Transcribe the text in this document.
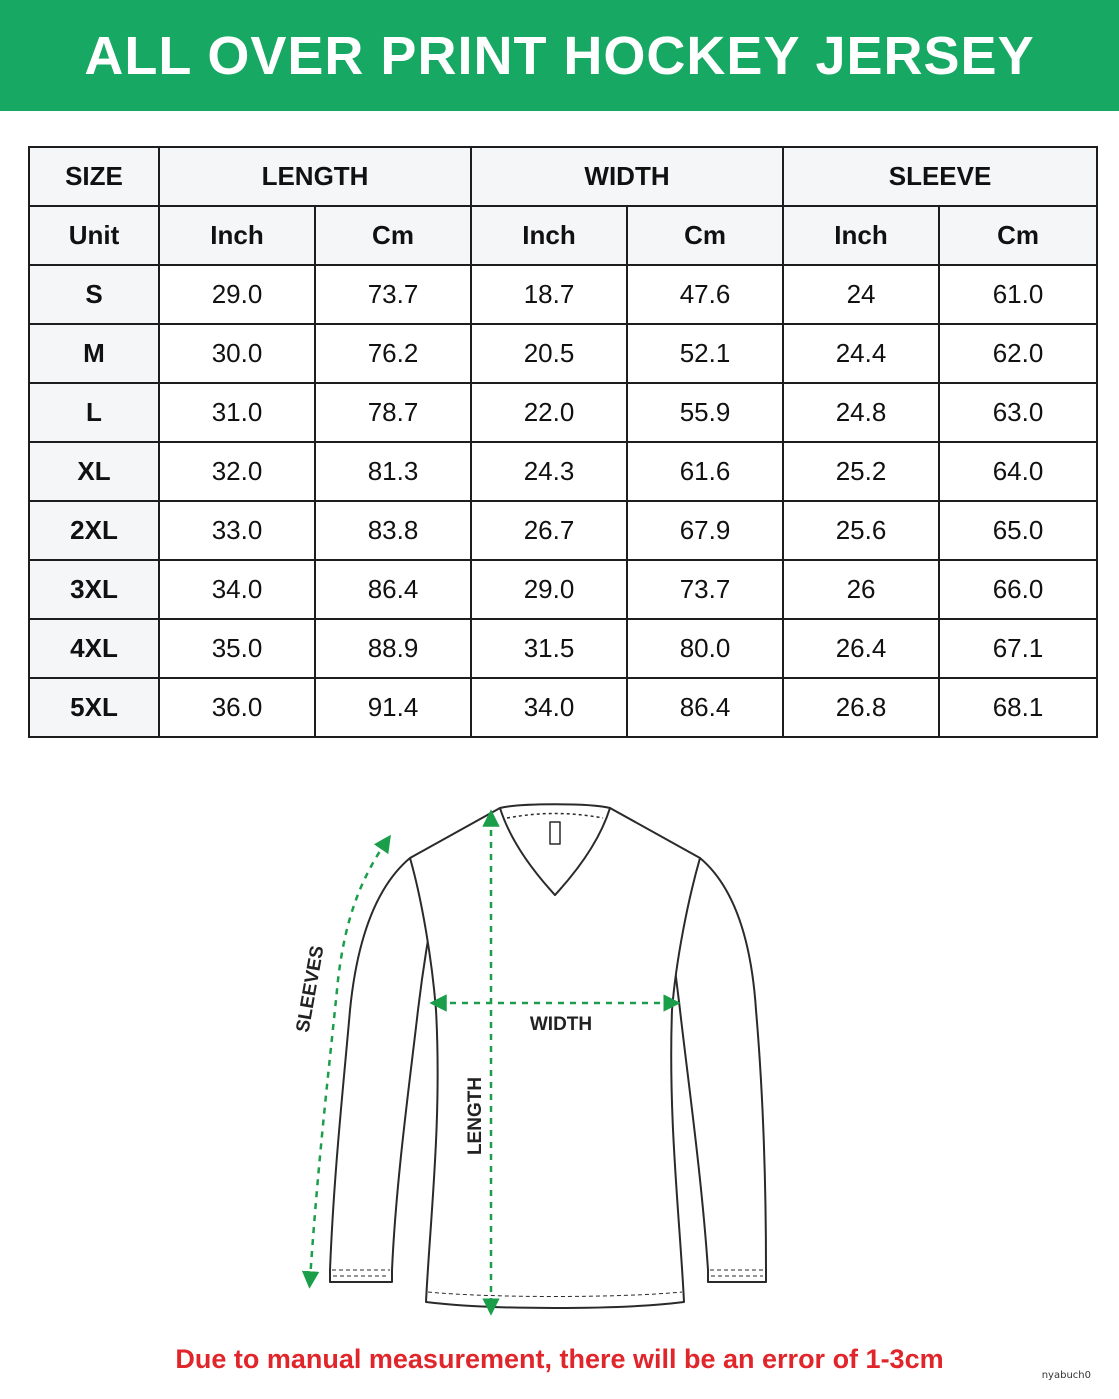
ALL OVER PRINT HOCKEY JERSEY
SIZE	LENGTH		WIDTH		SLEEVE	
Unit	Inch	Cm	Inch	Cm	Inch	Cm
S	29.0	73.7	18.7	47.6	24	61.0
M	30.0	76.2	20.5	52.1	24.4	62.0
L	31.0	78.7	22.0	55.9	24.8	63.0
XL	32.0	81.3	24.3	61.6	25.2	64.0
2XL	33.0	83.8	26.7	67.9	25.6	65.0
3XL	34.0	86.4	29.0	73.7	26	66.0
4XL	35.0	88.9	31.5	80.0	26.4	67.1
5XL	36.0	91.4	34.0	86.4	26.8	68.1
SLEEVES	WIDTH
LENGTH
Due to manual measurement, there will be an error of 1-3cm
nyabuch0
